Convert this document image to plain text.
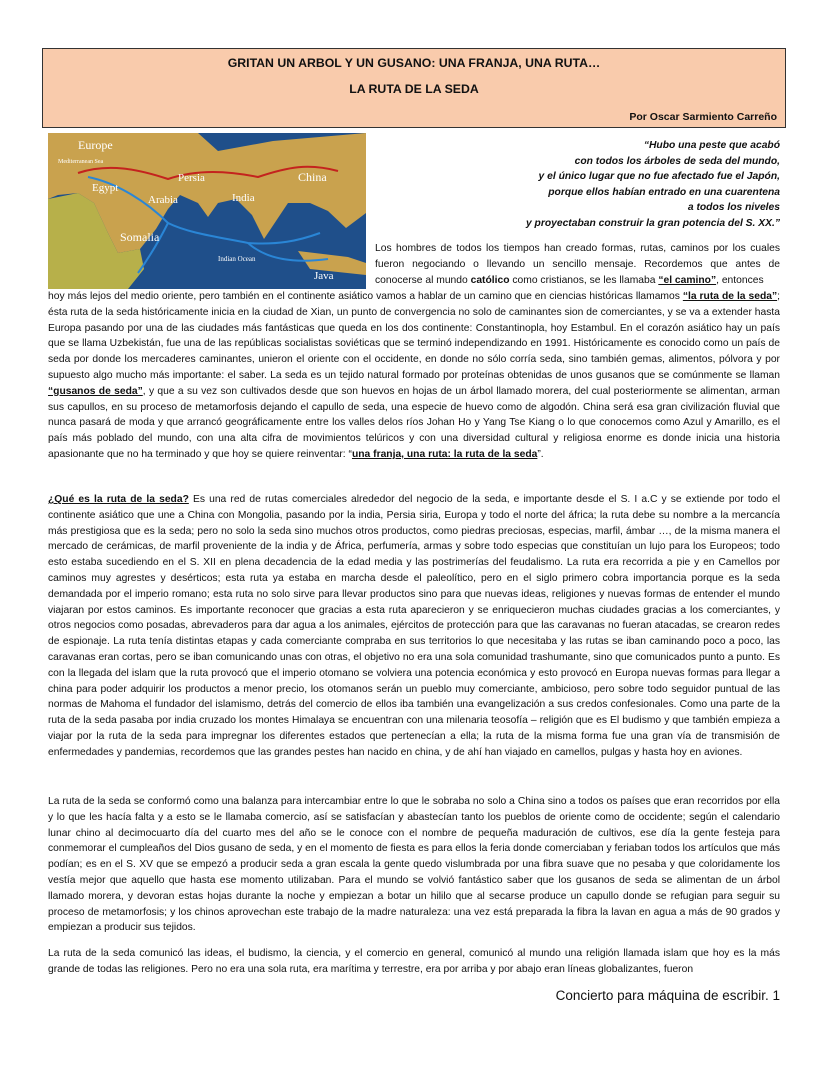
GRITAN UN ARBOL Y UN GUSANO: UNA FRANJA, UNA RUTA…
LA RUTA DE LA SEDA
Por Oscar Sarmiento Carreño
Europe
Mediterranean Sea
Persia	China
Egypt
Arabia	India
Somalia
Indian Ocean
Java
“Hubo una peste que acabó
con todos los árboles de seda del mundo,
y el único lugar que no fue afectado fue el Japón,
porque ellos habían entrado en una cuarentena
a todos los niveles
y proyectaban construir la gran potencia del S. XX.”

Los hombres de todos los tiempos han creado formas, rutas, caminos por los cuales fueron negociando o llevando un sencillo mensaje. Recordemos que antes de conocerse al mundo católico como cristianos, se les llamaba “el camino”, entonces

hoy más lejos del medio oriente, pero también en el continente asiático vamos a hablar de un camino que en ciencias históricas llamamos “la ruta de la seda”; ésta ruta de la seda históricamente inicia en la ciudad de Xian, un punto de convergencia no solo de caminantes sion de comerciantes, y se va a extender hasta Europa pasando por una de las ciudades más fantásticas que queda en los dos continente: Constantinopla, hoy Estambul. En el corazón asiático hay un país que se llama Uzbekistán, fue una de las repúblicas socialistas soviéticas que se terminó independizando en 1991. Históricamente es conocido como un país de seda por donde los mercaderes caminantes, unieron el oriente con el occidente, en donde no sólo corría seda, sino también gemas, alimentos, pólvora y por supuesto algo mucho más importante: el saber. La seda es un tejido natural formado por proteínas obtenidas de unos gusanos que se comúnmente se llaman “gusanos de seda”, y que a su vez son cultivados desde que son huevos en hojas de un árbol llamado morera, del cual posteriormente se alimentan, arman sus capullos, en su proceso de metamorfosis dejando el capullo de seda, una especie de huevo como de algodón. China será esa gran civilización fluvial que nunca pasará de moda y que arrancó geográficamente entre los valles delos ríos Johan Ho y Yang Tse Kiang o lo que conocemos como Azul y Amarillo, es el país más poblado del mundo, con una alta cifra de movimientos telúricos y con una diversidad cultural y religiosa enorme es donde inicia una historia apasionante que no ha terminado y que hoy se quiere reinventar: “una franja, una ruta: la ruta de la seda”.

¿Qué es la ruta de la seda? Es una red de rutas comerciales alrededor del negocio de la seda, e importante desde el S. I a.C y se extiende por todo el continente asiático que une a China con Mongolia, pasando por la india, Persia siria, Europa y todo el norte del áfrica; la ruta debe su nombre a la mercancía más prestigiosa que es la seda; pero no solo la seda sino muchos otros productos, como piedras preciosas, especias, marfil, ámbar …, de la misma manera el mercado de cerámicas, de marfil proveniente de la india y de África, perfumería, armas y sobre todo especias que constituían un lujo para los Europeos; todo esto estaba sucediendo en el S. XII en plena decadencia de la edad media y las postrimerías del feudalismo. La ruta era recorrida a pie y en Camellos por caminos muy agrestes y desérticos; esta ruta ya estaba en marcha desde el paleolítico, pero en el siglo primero cobra importancia porque es la seda demandada por el imperio romano; esta ruta no solo sirve para llevar productos sino para que nuevas ideas, religiones y nuevas formas de entender el mundo viajaran por estos caminos. Es importante reconocer que gracias a esta ruta aparecieron y se enriquecieron muchas ciudades gracias a los comerciantes, y otros negocios como posadas, abrevaderos para dar agua a los animales, ejércitos de protección para que las caravanas no fueran atacadas, se crearon redes de espionaje. La ruta tenía distintas etapas y cada comerciante compraba en sus territorios lo que necesitaba y las rutas se iban caminando poco a poco, las caravanas eran cortas, pero se iban comunicando unas con otras, el objetivo no era una sola comunidad trashumante, sino que comunicados punto a punto. Es con la llegada del islam que la ruta provocó que el imperio otomano se volviera una potencia económica y esto provocó en Europa nuevas formas para llegar a china para poder adquirir los productos a menor precio, los otomanos serán un pueblo muy comerciante, ambicioso, pero sobre todo seguidor puntual de las normas de Mahoma el fundador del islamismo, detrás del comercio de ellos iba también una evangelización a sus credos confesionales. Como una parte de la ruta de la seda pasaba por india cruzado los montes Himalaya se encuentran con una milenaria teosofía – religión que es El budismo y que también empieza a viajar por la ruta de la seda para impregnar los diferentes estados que pertenecían a ella; la ruta de la misma forma fue una gran vía de transmisión de enfermedades y pandemias, recordemos que las grandes pestes han nacido en china, y de ahí han viajado en camellos, pulgas y hasta hoy en aviones.

La ruta de la seda se conformó como una balanza para intercambiar entre lo que le sobraba no solo a China sino a todos os países que eran recorridos por ella y lo que les hacía falta y a esto se le llamaba comercio, así se satisfacían y abastecían tanto los pueblos de oriente como de occidente; según el calendario lunar chino al decimocuarto día del cuarto mes del año se le conoce con el nombre de pequeña maduración de cultivos, ese día la gente festeja para conmemorar el cumpleaños del Dios gusano de seda, y en el momento de fiesta es para ellos la feria donde comerciaban y feriaban todos los artículos que más podían; es en el S. XV que se empezó a producir seda a gran escala la gente quedo vislumbrada por una fibra suave que no pesaba y que coloridamente los vestía mejor que aquello que hasta ese momento utilizaban. Para el mundo se volvió fantástico saber que los gusanos de seda se alimentan de un árbol llamado morera, y devoran estas hojas durante la noche y empiezan a botar un hililo que al secarse produce un capullo donde se refugian para seguir su proceso de metamorfosis; y los chinos aprovechan este trabajo de la madre naturaleza: una vez está preparada la fibra la lavan en agua a más de 90 grados y empiezan a producir sus tejidos.

La ruta de la seda comunicó las ideas, el budismo, la ciencia, y el comercio en general, comunicó al mundo una religión llamada islam que hoy es la más grande de todas las religiones. Pero no era una sola ruta, era marítima y terrestre, era por arriba y por abajo eran líneas globalizantes, fueron

Concierto para máquina de escribir. 1
